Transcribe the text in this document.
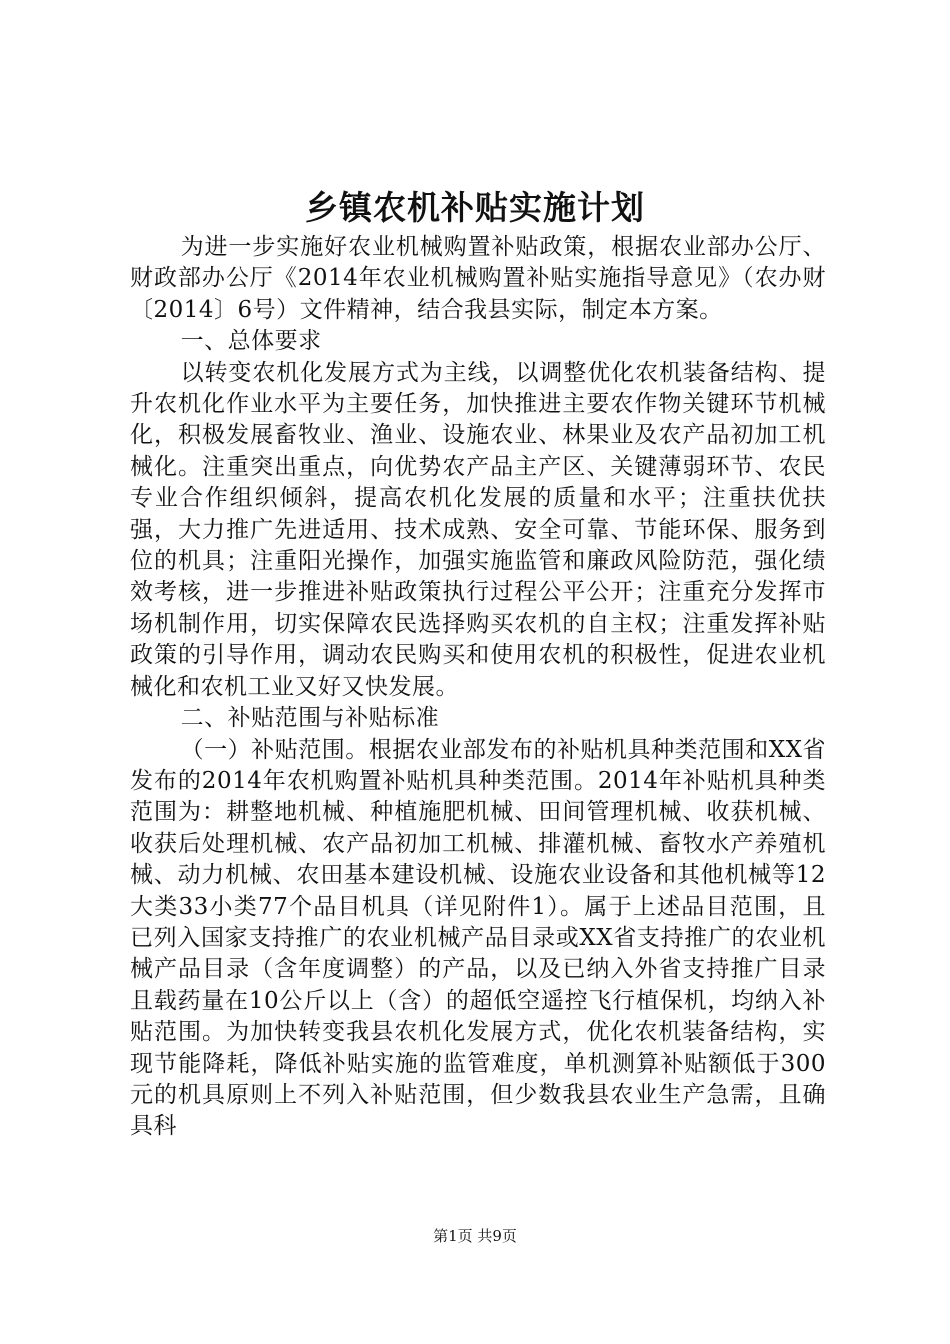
乡镇农机补贴实施计划

为进一步实施好农业机械购置补贴政策，根据农业部办公厅、财政部办公厅《2014年农业机械购置补贴实施指导意见》（农办财〔2014〕6号）文件精神，结合我县实际，制定本方案。

一、总体要求

以转变农机化发展方式为主线，以调整优化农机装备结构、提升农机化作业水平为主要任务，加快推进主要农作物关键环节机械化，积极发展畜牧业、渔业、设施农业、林果业及农产品初加工机械化。注重突出重点，向优势农产品主产区、关键薄弱环节、农民专业合作组织倾斜，提高农机化发展的质量和水平；注重扶优扶强，大力推广先进适用、技术成熟、安全可靠、节能环保、服务到位的机具；注重阳光操作，加强实施监管和廉政风险防范，强化绩效考核，进一步推进补贴政策执行过程公平公开；注重充分发挥市场机制作用，切实保障农民选择购买农机的自主权；注重发挥补贴政策的引导作用，调动农民购买和使用农机的积极性，促进农业机械化和农机工业又好又快发展。

二、补贴范围与补贴标准

（一）补贴范围。根据农业部发布的补贴机具种类范围和XX省发布的2014年农机购置补贴机具种类范围。2014年补贴机具种类范围为：耕整地机械、种植施肥机械、田间管理机械、收获机械、收获后处理机械、农产品初加工机械、排灌机械、畜牧水产养殖机械、动力机械、农田基本建设机械、设施农业设备和其他机械等12大类33小类77个品目机具（详见附件1）。属于上述品目范围，且已列入国家支持推广的农业机械产品目录或XX省支持推广的农业机械产品目录（含年度调整）的产品，以及已纳入外省支持推广目录且载药量在10公斤以上（含）的超低空遥控飞行植保机，均纳入补贴范围。为加快转变我县农机化发展方式，优化农机装备结构，实现节能降耗，降低补贴实施的监管难度，单机测算补贴额低于300元的机具原则上不列入补贴范围，但少数我县农业生产急需，且确具科

第1页 共9页
